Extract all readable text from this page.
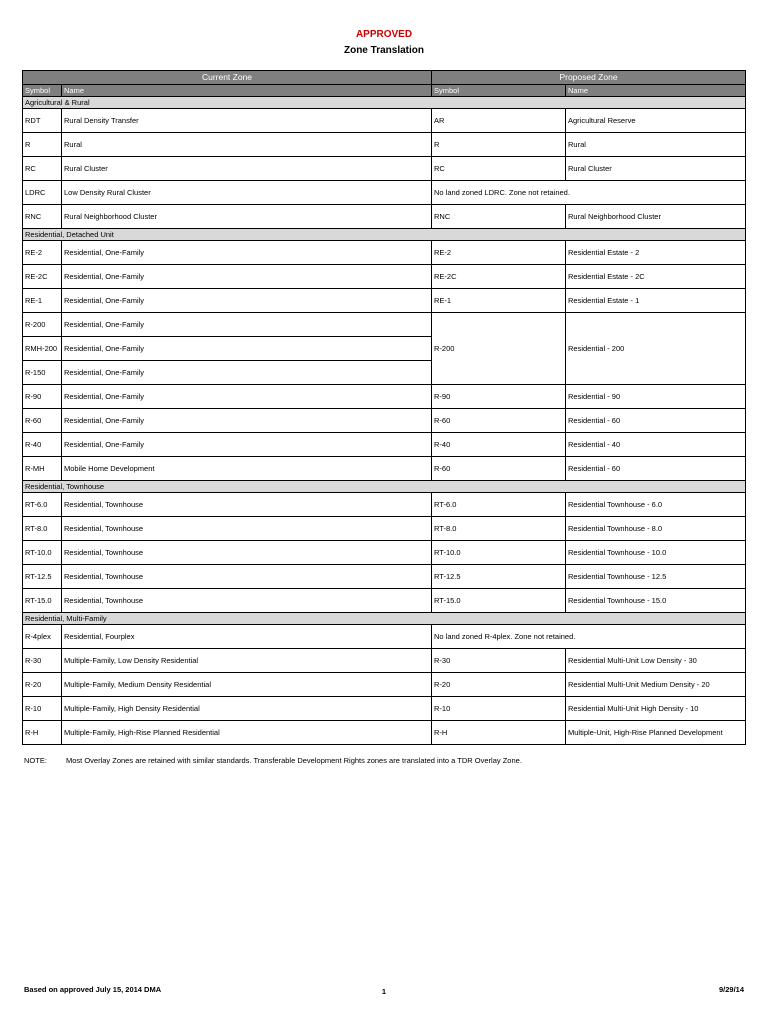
APPROVED
Zone Translation
Current Zone		Proposed Zone	
Symbol	Name	Symbol	Name
Agricultural & Rural			
RDT	Rural Density Transfer	AR	Agricultural Reserve
R	Rural	R	Rural
RC	Rural Cluster	RC	Rural Cluster
LDRC	Low Density Rural Cluster	No land zoned LDRC. Zone not retained.	
RNC	Rural Neighborhood Cluster	RNC	Rural Neighborhood Cluster
Residential, Detached Unit			
RE-2	Residential, One-Family	RE-2	Residential Estate - 2
RE-2C	Residential, One-Family	RE-2C	Residential Estate - 2C
RE-1	Residential, One-Family	RE-1	Residential Estate - 1
R-200	Residential, One-Family	R-200	Residential - 200
RMH-200	Residential, One-Family		
R-150	Residential, One-Family		
R-90	Residential, One-Family	R-90	Residential - 90
R-60	Residential, One-Family	R-60	Residential - 60
R-40	Residential, One-Family	R-40	Residential - 40
R-MH	Mobile Home Development	R-60	Residential - 60
Residential, Townhouse			
RT-6.0	Residential, Townhouse	RT-6.0	Residential Townhouse - 6.0
RT-8.0	Residential, Townhouse	RT-8.0	Residential Townhouse - 8.0
RT-10.0	Residential, Townhouse	RT-10.0	Residential Townhouse - 10.0
RT-12.5	Residential, Townhouse	RT-12.5	Residential Townhouse - 12.5
RT-15.0	Residential, Townhouse	RT-15.0	Residential Townhouse - 15.0
Residential, Multi-Family			
R-4plex	Residential, Fourplex	No land zoned R-4plex. Zone not retained.	
R-30	Multiple-Family, Low Density Residential	R-30	Residential Multi-Unit Low Density - 30
R-20	Multiple-Family, Medium Density Residential	R-20	Residential Multi-Unit Medium Density - 20
R-10	Multiple-Family, High Density Residential	R-10	Residential Multi-Unit High Density - 10
R-H	Multiple-Family, High-Rise Planned Residential	R-H	Multiple-Unit, High-Rise Planned Development
NOTE:	Most Overlay Zones are retained with similar standards. Transferable Development Rights zones are translated into a TDR Overlay Zone.
Based on approved July 15, 2014 DMA	1	9/29/14
